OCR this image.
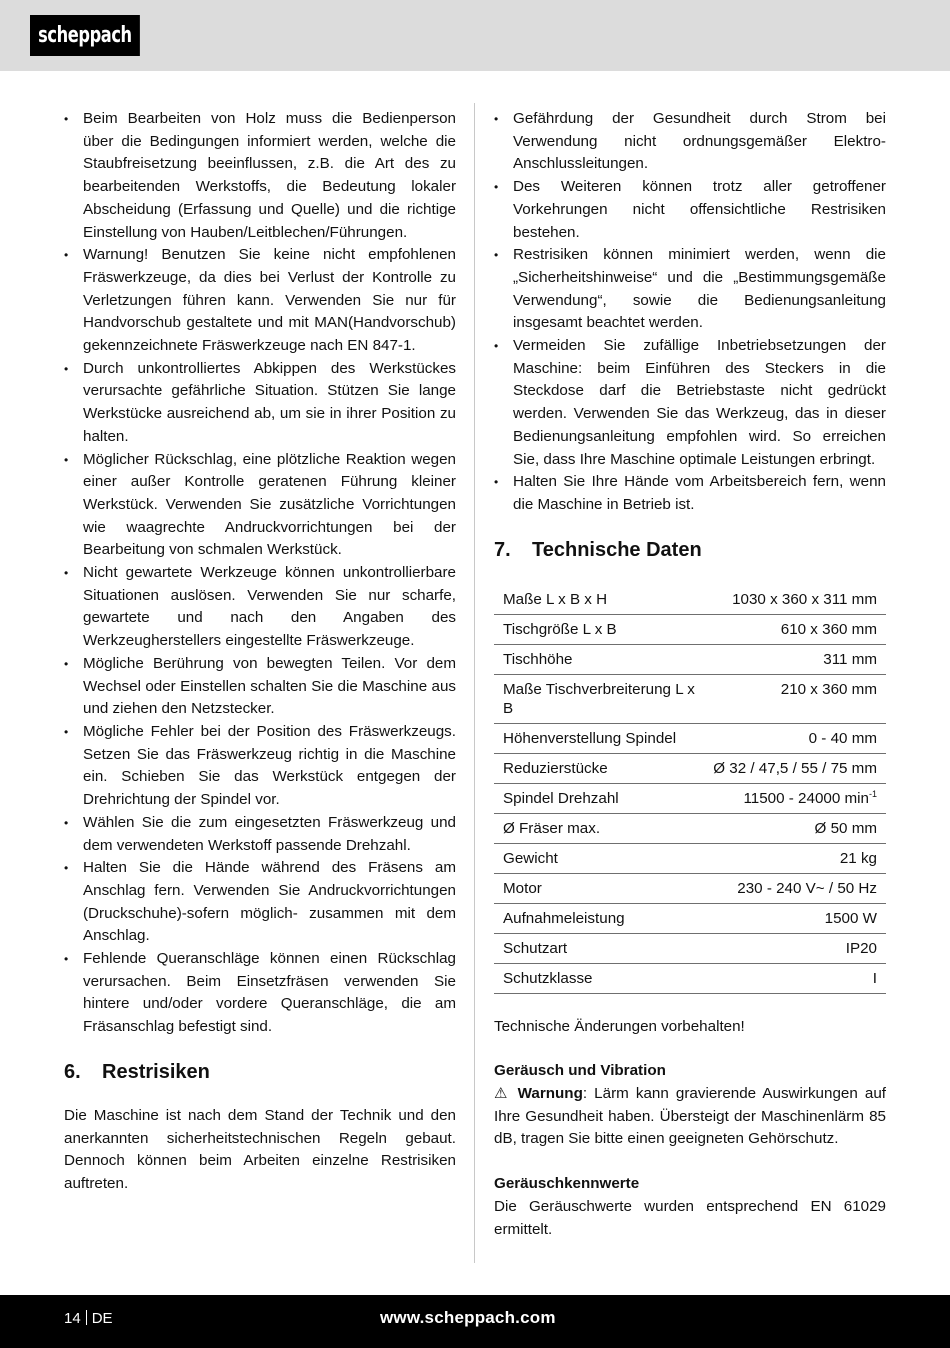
scheppach
• Beim Bearbeiten von Holz muss die Bedienperson über die Bedingungen informiert werden, welche die Staubfreisetzung beeinflussen, z.B. die Art des zu bearbeitenden Werkstoffs, die Bedeutung lokaler Abscheidung (Erfassung und Quelle) und die richtige Einstellung von Hauben/Leitblechen/Führungen.
• Warnung! Benutzen Sie keine nicht empfohlenen Fräswerkzeuge, da dies bei Verlust der Kontrolle zu Verletzungen führen kann. Verwenden Sie nur für Handvorschub gestaltete und mit MAN(Handvorschub) gekennzeichnete Fräswerkzeuge nach EN 847-1.
• Durch unkontrolliertes Abkippen des Werkstückes verursachte gefährliche Situation. Stützen Sie lange Werkstücke ausreichend ab, um sie in ihrer Position zu halten.
• Möglicher Rückschlag, eine plötzliche Reaktion wegen einer außer Kontrolle geratenen Führung kleiner Werkstück. Verwenden Sie zusätzliche Vorrichtungen wie waagrechte Andruckvorrichtungen bei der Bearbeitung von schmalen Werkstück.
• Nicht gewartete Werkzeuge können unkontrollierbare Situationen auslösen. Verwenden Sie nur scharfe, gewartete und nach den Angaben des Werkzeugherstellers eingestellte Fräswerkzeuge.
• Mögliche Berührung von bewegten Teilen. Vor dem Wechsel oder Einstellen schalten Sie die Maschine aus und ziehen den Netzstecker.
• Mögliche Fehler bei der Position des Fräswerkzeugs. Setzen Sie das Fräswerkzeug richtig in die Maschine ein. Schieben Sie das Werkstück entgegen der Drehrichtung der Spindel vor.
• Wählen Sie die zum eingesetzten Fräswerkzeug und dem verwendeten Werkstoff passende Drehzahl.
• Halten Sie die Hände während des Fräsens am Anschlag fern. Verwenden Sie Andruckvorrichtungen (Druckschuhe)-sofern möglich- zusammen mit dem Anschlag.
• Fehlende Queranschläge können einen Rückschlag verursachen. Beim Einsetzfräsen verwenden Sie hintere und/oder vordere Queranschläge, die am Fräsanschlag befestigt sind.
6.	Restrisiken

Die Maschine ist nach dem Stand der Technik und den anerkannten sicherheitstechnischen Regeln gebaut. Dennoch können beim Arbeiten einzelne Restrisiken auftreten.

• Gefährdung der Gesundheit durch Strom bei Verwendung nicht ordnungsgemäßer Elektro-Anschlussleitungen.
• Des Weiteren können trotz aller getroffener Vorkehrungen nicht offensichtliche Restrisiken bestehen.
• Restrisiken können minimiert werden, wenn die „Sicherheitshinweise“ und die „Bestimmungsgemäße Verwendung“, sowie die Bedienungsanleitung insgesamt beachtet werden.
• Vermeiden Sie zufällige Inbetriebsetzungen der Maschine: beim Einführen des Steckers in die Steckdose darf die Betriebstaste nicht gedrückt werden. Verwenden Sie das Werkzeug, das in dieser Bedienungsanleitung empfohlen wird. So erreichen Sie, dass Ihre Maschine optimale Leistungen erbringt.
• Halten Sie Ihre Hände vom Arbeitsbereich fern, wenn die Maschine in Betrieb ist.
7.	Technische Daten
Maße L x B x H	1030 x 360 x 311 mm
Tischgröße L x B	610 x 360 mm
Tischhöhe	311 mm
Maße Tischverbreiterung L x B	210 x 360 mm
Höhenverstellung Spindel	0 - 40 mm
Reduzierstücke	Ø 32 / 47,5 / 55 / 75 mm
Spindel Drehzahl	11500 - 24000 $\min^{-1}$
Ø Fräser max.	Ø 50 mm
Gewicht	21 kg
Motor	230 - 240 V~ / 50 Hz
Aufnahmeleistung	1500 W
Schutzart	IP20
Schutzklasse	I

Technische Änderungen vorbehalten!

Geräusch und Vibration

⚠ Warnung: Lärm kann gravierende Auswirkungen auf Ihre Gesundheit haben. Übersteigt der Maschinenlärm 85 dB, tragen Sie bitte einen geeigneten Gehörschutz.

Geräuschkennwerte

Die Geräuschwerte wurden entsprechend EN 61029 ermittelt.

14 DE	www.scheppach.com
